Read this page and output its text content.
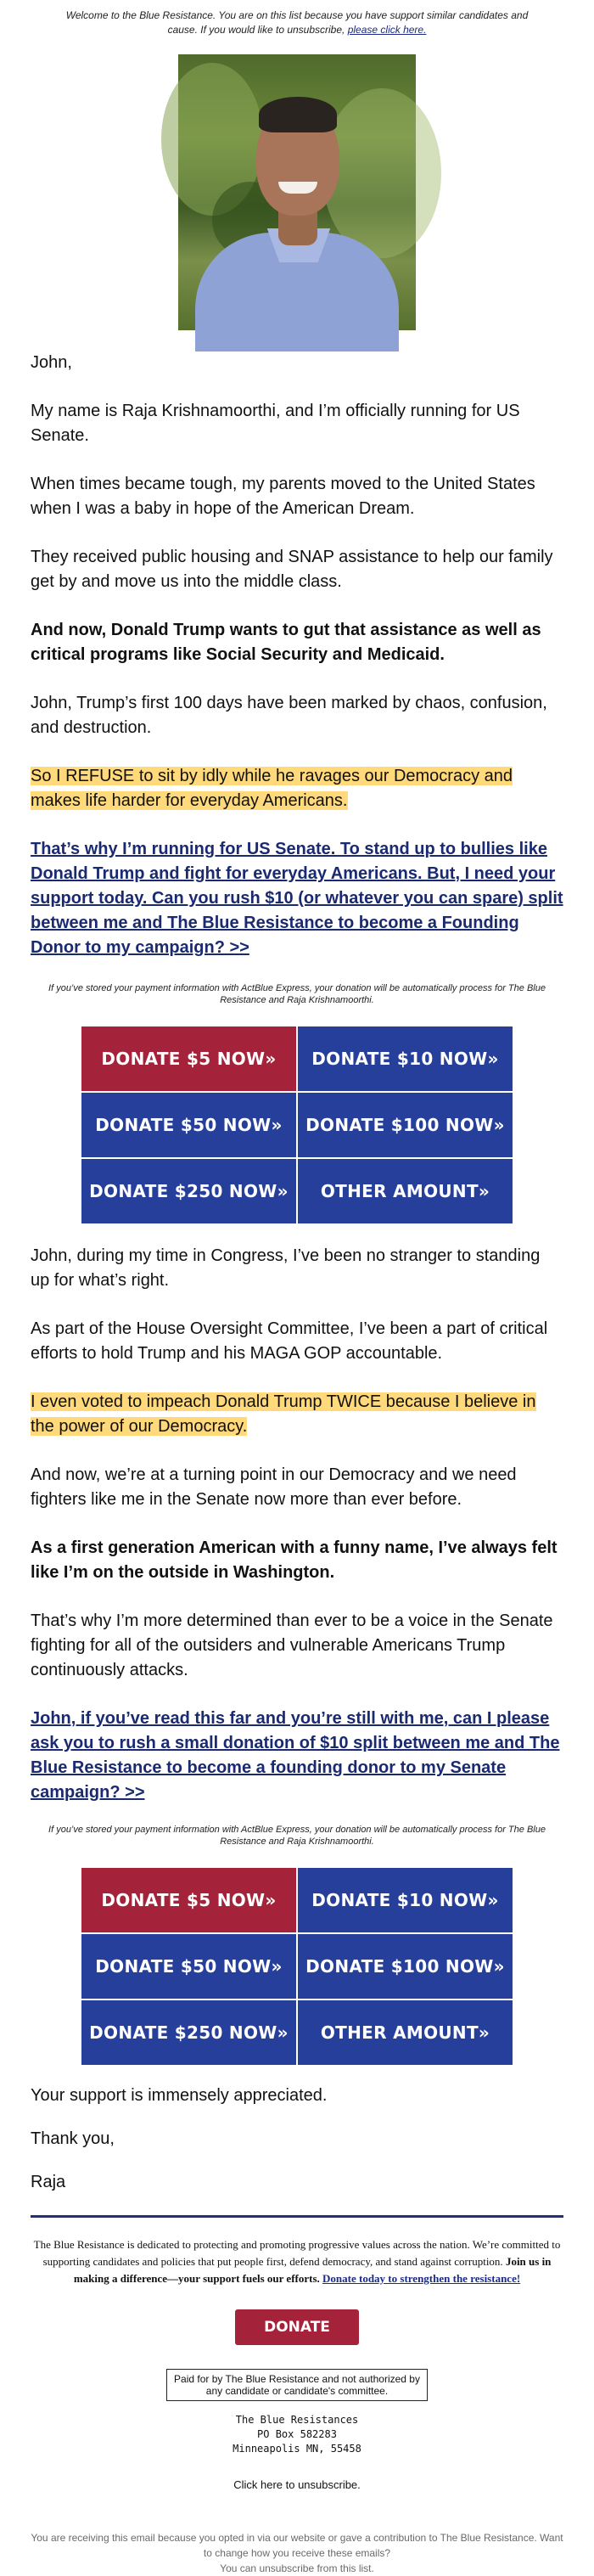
Welcome to the Blue Resistance. You are on this list because you have support similar candidates and cause. If you would like to unsubscribe, please click here.

John,

My name is Raja Krishnamoorthi, and I’m officially running for US Senate.

When times became tough, my parents moved to the United States when I was a baby in hope of the American Dream.

They received public housing and SNAP assistance to help our family get by and move us into the middle class.

And now, Donald Trump wants to gut that assistance as well as critical programs like Social Security and Medicaid.

John, Trump’s first 100 days have been marked by chaos, confusion, and destruction.

So I REFUSE to sit by idly while he ravages our Democracy and makes life harder for everyday Americans.

That’s why I’m running for US Senate. To stand up to bullies like Donald Trump and fight for everyday Americans. But, I need your support today. Can you rush $10 (or whatever you can spare) split between me and The Blue Resistance to become a Founding Donor to my campaign? >>

If you’ve stored your payment information with ActBlue Express, your donation will be automatically process for The Blue Resistance and Raja Krishnamoorthi.

DONATE $5 NOW»	DONATE $10 NOW»
DONATE $50 NOW»	DONATE $100 NOW»
DONATE $250 NOW»	OTHER AMOUNT»

John, during my time in Congress, I’ve been no stranger to standing up for what’s right.

As part of the House Oversight Committee, I’ve been a part of critical efforts to hold Trump and his MAGA GOP accountable.

I even voted to impeach Donald Trump TWICE because I believe in the power of our Democracy.

And now, we’re at a turning point in our Democracy and we need fighters like me in the Senate now more than ever before.

As a first generation American with a funny name, I’ve always felt like I’m on the outside in Washington.

That’s why I’m more determined than ever to be a voice in the Senate fighting for all of the outsiders and vulnerable Americans Trump continuously attacks.

John, if you’ve read this far and you’re still with me, can I please ask you to rush a small donation of $10 split between me and The Blue Resistance to become a founding donor to my Senate campaign? >>

If you’ve stored your payment information with ActBlue Express, your donation will be automatically process for The Blue Resistance and Raja Krishnamoorthi.

DONATE $5 NOW»	DONATE $10 NOW»
DONATE $50 NOW»	DONATE $100 NOW»
DONATE $250 NOW»	OTHER AMOUNT»

Your support is immensely appreciated.

Thank you,

Raja

The Blue Resistance is dedicated to protecting and promoting progressive values across the nation. We’re committed to supporting candidates and policies that put people first, defend democracy, and stand against corruption. Join us in making a difference—your support fuels our efforts. Donate today to strengthen the resistance!
DONATE
Paid for by The Blue Resistance and not authorized by any candidate or candidate's committee.
The Blue Resistances
PO Box 582283
Minneapolis MN, 55458
Click here to unsubscribe.
You are receiving this email because you opted in via our website or gave a contribution to The Blue Resistance. Want to change how you receive these emails?
You can unsubscribe from this list.
